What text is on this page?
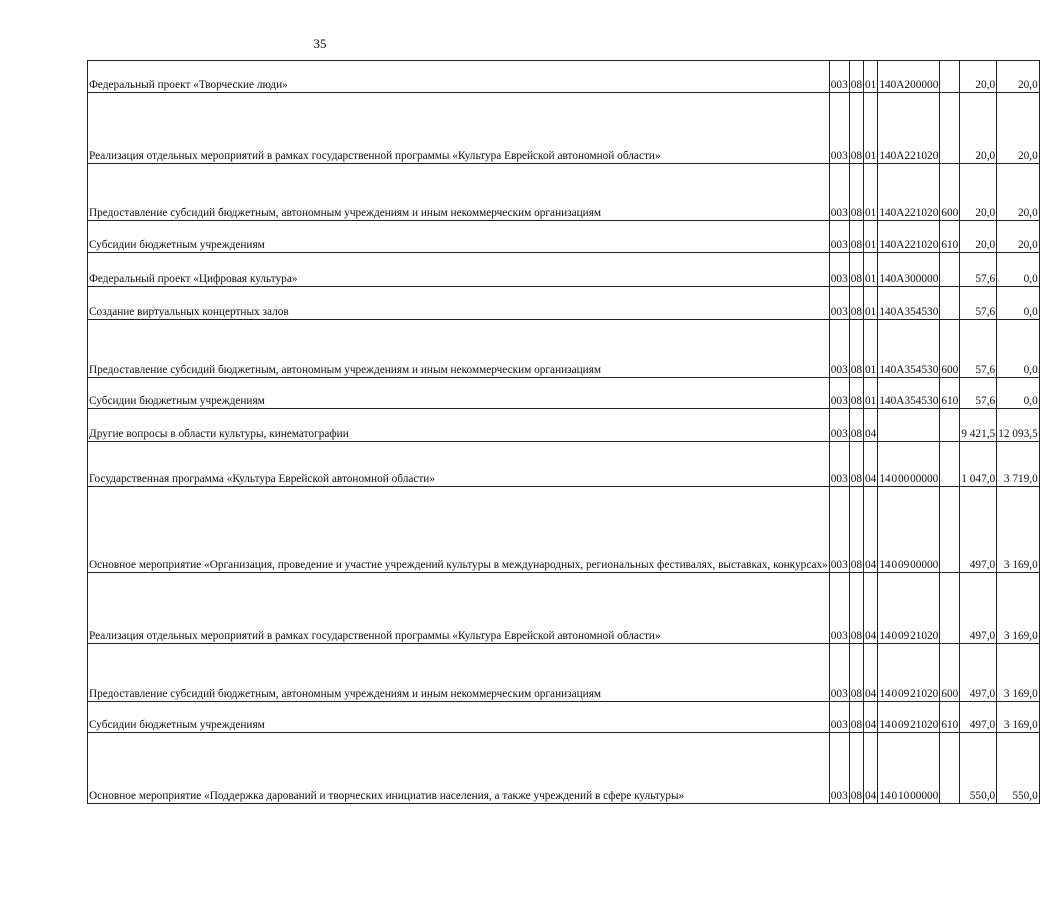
35
Федеральный проект «Творческие люди»	003	08	01	14 0 A2 00000		20,0	20,0
Реализация отдельных мероприятий в рамках государственной программы «Культура Еврейской автономной области»	003	08	01	14 0 A2 21020		20,0	20,0
Предоставление субсидий бюджетным, автономным учреждениям и иным некоммерческим организациям	003	08	01	14 0 A2 21020	600	20,0	20,0
Субсидии бюджетным учреждениям	003	08	01	14 0 A2 21020	610	20,0	20,0
Федеральный проект «Цифровая культура»	003	08	01	14 0 A3 00000		57,6	0,0
Создание виртуальных концертных залов	003	08	01	14 0 A3 54530		57,6	0,0
Предоставление субсидий бюджетным, автономным учреждениям и иным некоммерческим организациям	003	08	01	14 0 A3 54530	600	57,6	0,0
Субсидии бюджетным учреждениям	003	08	01	14 0 A3 54530	610	57,6	0,0
Другие вопросы в области культуры, кинематографии	003	08	04			9 421,5	12 093,5
Государственная программа «Культура Еврейской автономной области»	003	08	04	14 0 00 00000		1 047,0	3 719,0
Основное мероприятие «Организация, проведение и участие учреждений культуры в международных, региональных фестивалях, выставках, конкурсах»	003	08	04	14 0 09 00000		497,0	3 169,0
Реализация отдельных мероприятий в рамках государственной программы «Культура Еврейской автономной области»	003	08	04	14 0 09 21020		497,0	3 169,0
Предоставление субсидий бюджетным, автономным учреждениям и иным некоммерческим организациям	003	08	04	14 0 09 21020	600	497,0	3 169,0
Субсидии бюджетным учреждениям	003	08	04	14 0 09 21020	610	497,0	3 169,0
Основное мероприятие «Поддержка дарований и творческих инициатив населения, а также учреждений в сфере культуры»	003	08	04	14 0 10 00000		550,0	550,0
